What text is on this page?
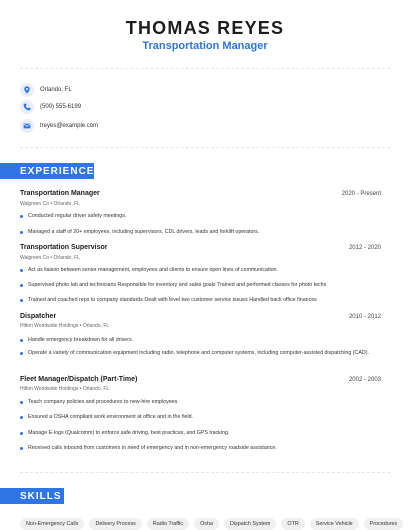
THOMAS REYES
Transportation Manager
Orlando, FL
(500) 555-6199
treyes@example.com
EXPERIENCE
Transportation Manager	2020 - Present
Walgreen Co • Orlando, FL
Conducted regular driver safety meetings.
Managed a staff of 20+ employees, including supervisors, CDL drivers, leads and forklift operators.
Transportation Supervisor	2012 - 2020
Walgreen Co • Orlando, FL
Act as liaison between senior management, employees and clients to ensure open lines of communication.
Supervised photo lab and technicians Responsible for inventory and sales goals Trained and performed classes for photo techs
Trained and coached reps to company standards Dealt with level two customer service issues Handled back office finances
Dispatcher	2010 - 2012
Hilton Worldwide Holdings • Orlando, FL
Handle emergency breakdown for all drivers.
Operate a variety of communication equipment including radio, telephone and computer systems, including computer-assisted dispatching (CAD).
Fleet Manager/Dispatch (Part-Time)	2002 - 2003
Hilton Worldwide Holdings • Orlando, FL
Teach company policies and procedures to new-hire employees.
Ensured a OSHA compliant work environment at office and in the field.
Manage E-logs (Qualcomm) to enforce safe driving, best practices, and GPS tracking.
Received calls inbound from customers in need of emergency and in non-emergency roadside assistance.
SKILLS
Non-Emergency Calls	Delivery Process	Radio Traffic	Osha	Dispatch System	OTR	Service Vehicle	Procedures
